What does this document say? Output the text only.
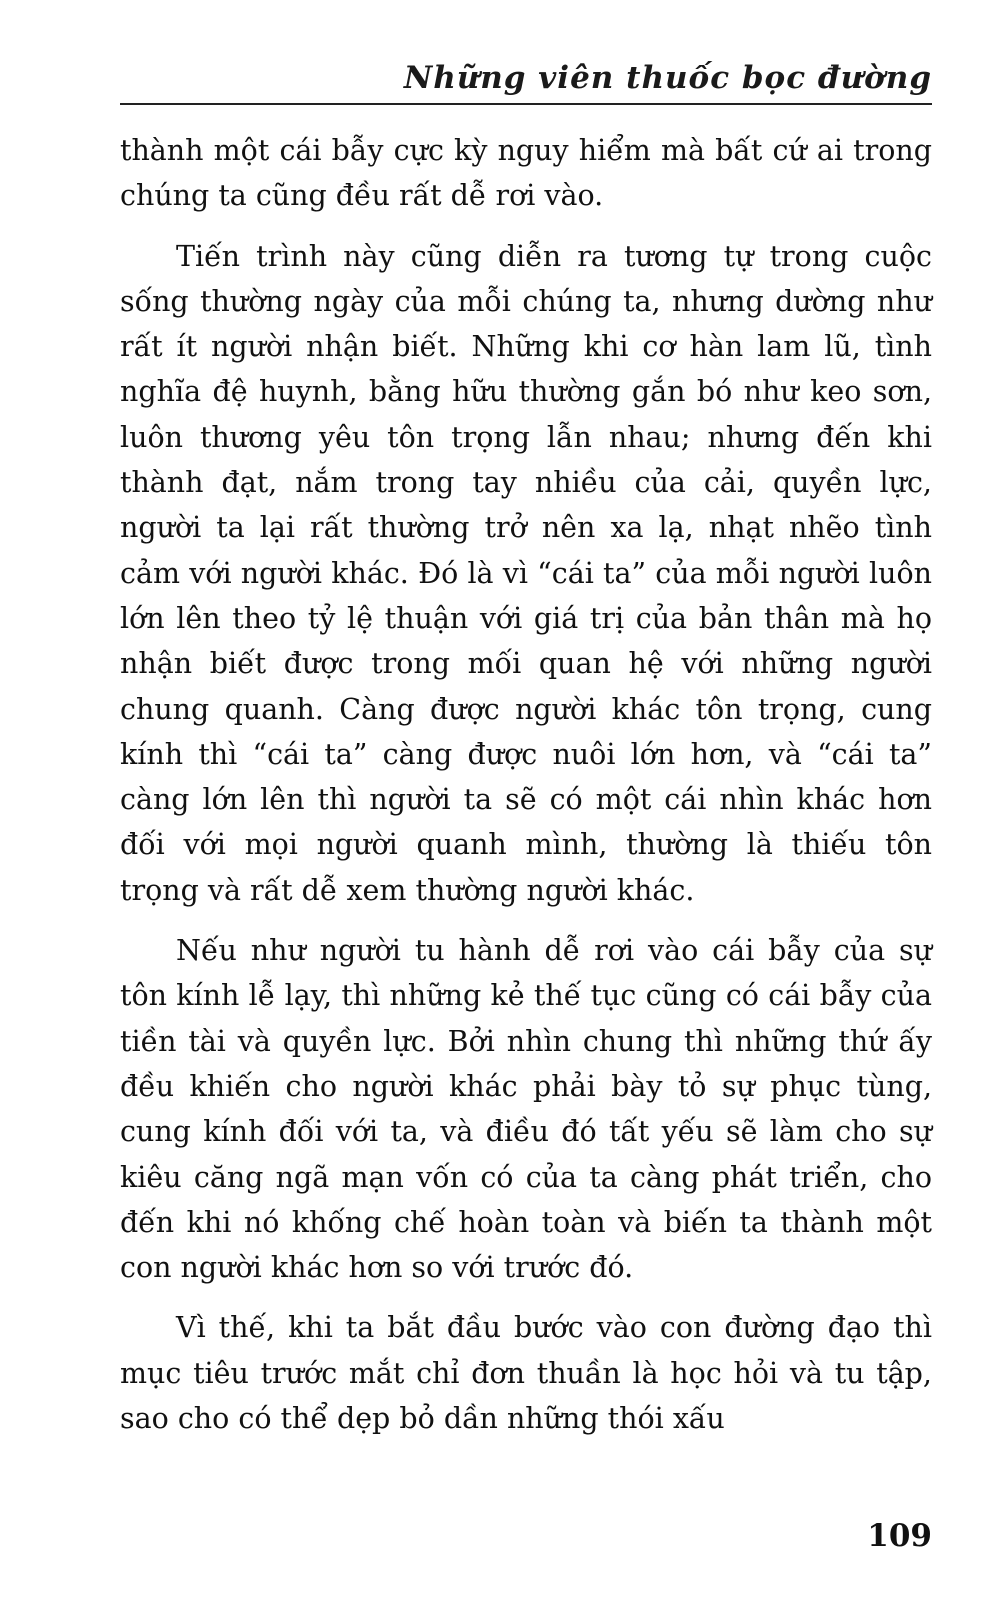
Những viên thuốc bọc đường

thành một cái bẫy cực kỳ nguy hiểm mà bất cứ ai trong chúng ta cũng đều rất dễ rơi vào.

Tiến trình này cũng diễn ra tương tự trong cuộc sống thường ngày của mỗi chúng ta, nhưng dường như rất ít người nhận biết. Những khi cơ hàn lam lũ, tình nghĩa đệ huynh, bằng hữu thường gắn bó như keo sơn, luôn thương yêu tôn trọng lẫn nhau; nhưng đến khi thành đạt, nắm trong tay nhiều của cải, quyền lực, người ta lại rất thường trở nên xa lạ, nhạt nhẽo tình cảm với người khác. Đó là vì “cái ta” của mỗi người luôn lớn lên theo tỷ lệ thuận với giá trị của bản thân mà họ nhận biết được trong mối quan hệ với những người chung quanh. Càng được người khác tôn trọng, cung kính thì “cái ta” càng được nuôi lớn hơn, và “cái ta” càng lớn lên thì người ta sẽ có một cái nhìn khác hơn đối với mọi người quanh mình, thường là thiếu tôn trọng và rất dễ xem thường người khác.

Nếu như người tu hành dễ rơi vào cái bẫy của sự tôn kính lễ lạy, thì những kẻ thế tục cũng có cái bẫy của tiền tài và quyền lực. Bởi nhìn chung thì những thứ ấy đều khiến cho người khác phải bày tỏ sự phục tùng, cung kính đối với ta, và điều đó tất yếu sẽ làm cho sự kiêu căng ngã mạn vốn có của ta càng phát triển, cho đến khi nó khống chế hoàn toàn và biến ta thành một con người khác hơn so với trước đó.

Vì thế, khi ta bắt đầu bước vào con đường đạo thì mục tiêu trước mắt chỉ đơn thuần là học hỏi và tu tập, sao cho có thể dẹp bỏ dần những thói xấu

109
